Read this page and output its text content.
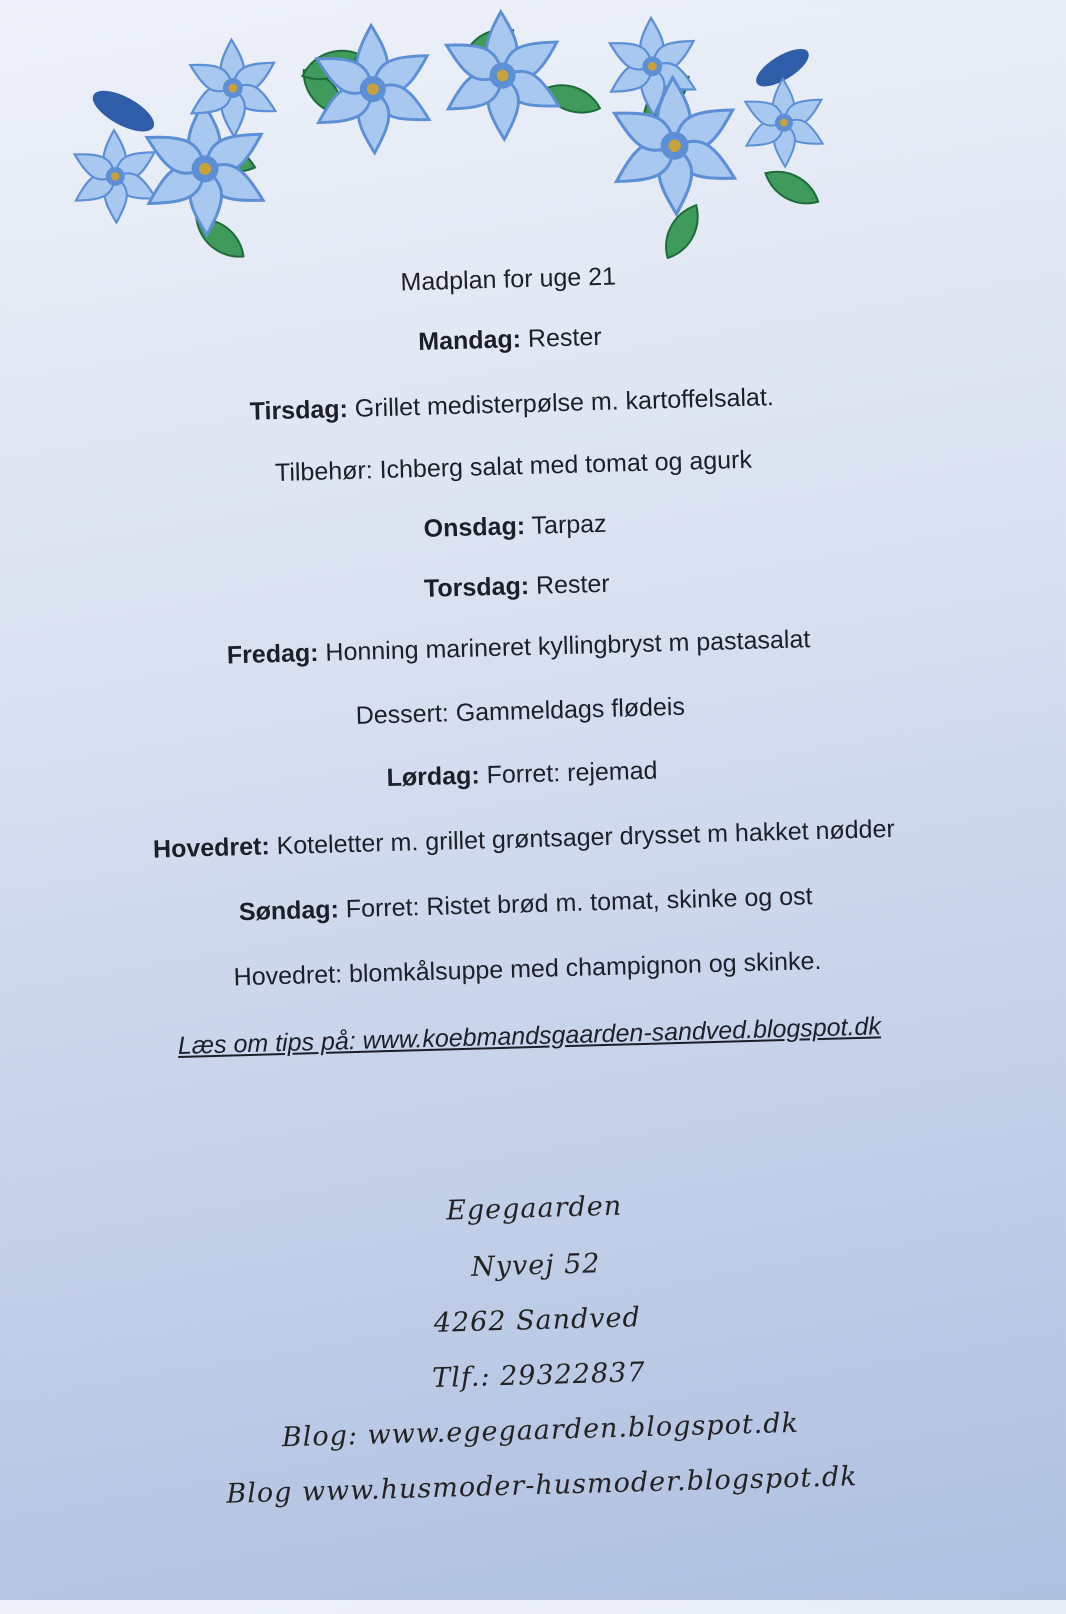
Madplan for uge 21
Mandag: Rester
Tirsdag: Grillet medisterpølse m. kartoffelsalat.
Tilbehør: Ichberg salat med tomat og agurk
Onsdag: Tarpaz
Torsdag: Rester
Fredag: Honning marineret kyllingbryst m pastasalat
Dessert: Gammeldags flødeis
Lørdag: Forret: rejemad
Hovedret: Koteletter m. grillet grøntsager drysset m hakket nødder
Søndag: Forret: Ristet brød m. tomat, skinke og ost
Hovedret: blomkålsuppe med champignon og skinke.
Læs om tips på: www.koebmandsgaarden-sandved.blogspot.dk
Egegaarden
Nyvej 52
4262 Sandved
Tlf.: 29322837
Blog: www.egegaarden.blogspot.dk
Blog www.husmoder-husmoder.blogspot.dk
